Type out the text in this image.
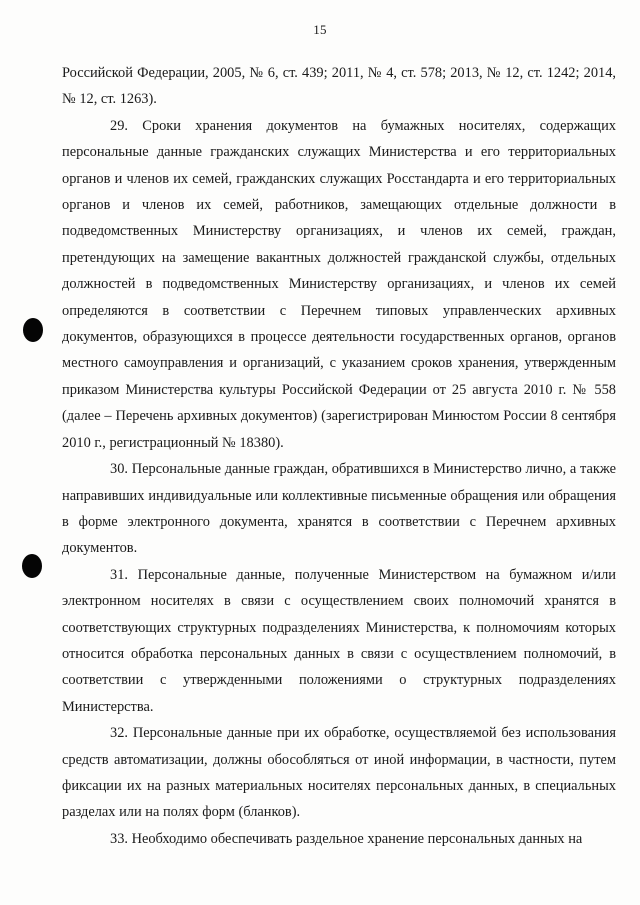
15

Российской Федерации, 2005, № 6, ст. 439; 2011, № 4, ст. 578; 2013, № 12, ст. 1242; 2014, № 12, ст. 1263).

29. Сроки хранения документов на бумажных носителях, содержащих персональные данные гражданских служащих Министерства и его территориальных органов и членов их семей, гражданских служащих Росстандарта и его территориальных органов и членов их семей, работников, замещающих отдельные должности в подведомственных Министерству организациях, и членов их семей, граждан, претендующих на замещение вакантных должностей гражданской службы, отдельных должностей в подведомственных Министерству организациях, и членов их семей определяются в соответствии с Перечнем типовых управленческих архивных документов, образующихся в процессе деятельности государственных органов, органов местного самоуправления и организаций, с указанием сроков хранения, утвержденным приказом Министерства культуры Российской Федерации от 25 августа 2010 г. № 558 (далее – Перечень архивных документов) (зарегистрирован Минюстом России 8 сентября 2010 г., регистрационный № 18380).

30. Персональные данные граждан, обратившихся в Министерство лично, а также направивших индивидуальные или коллективные письменные обращения или обращения в форме электронного документа, хранятся в соответствии с Перечнем архивных документов.

31. Персональные данные, полученные Министерством на бумажном и/или электронном носителях в связи с осуществлением своих полномочий хранятся в соответствующих структурных подразделениях Министерства, к полномочиям которых относится обработка персональных данных в связи с осуществлением полномочий, в соответствии с утвержденными положениями о структурных подразделениях Министерства.

32. Персональные данные при их обработке, осуществляемой без использования средств автоматизации, должны обособляться от иной информации, в частности, путем фиксации их на разных материальных носителях персональных данных, в специальных разделах или на полях форм (бланков).

33. Необходимо обеспечивать раздельное хранение персональных данных на
